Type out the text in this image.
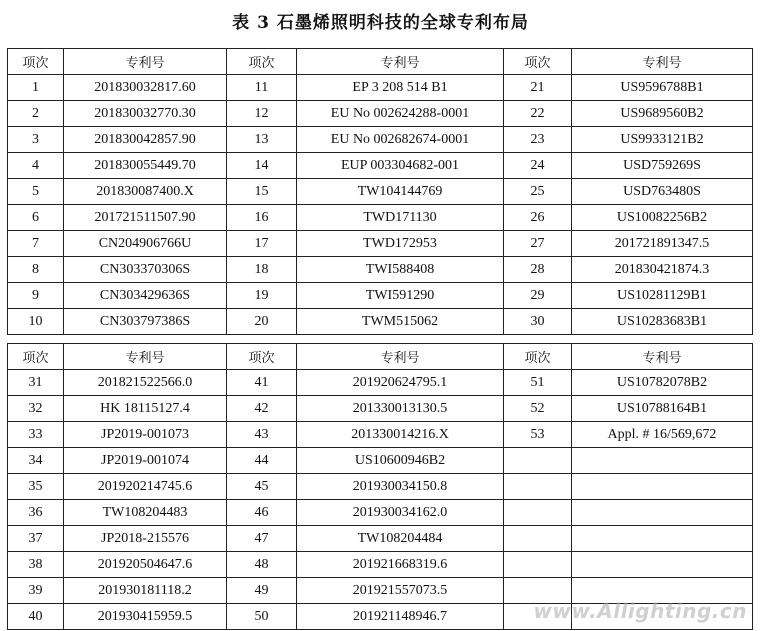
表 3 石墨烯照明科技的全球专利布局
项次	专利号	项次	专利号	项次	专利号
1	201830032817.60	11	EP 3 208 514 B1	21	US9596788B1
2	201830032770.30	12	EU No 002624288-0001	22	US9689560B2
3	201830042857.90	13	EU No 002682674-0001	23	US9933121B2
4	201830055449.70	14	EUP 003304682-001	24	USD759269S
5	201830087400.X	15	TW104144769	25	USD763480S
6	201721511507.90	16	TWD171130	26	US10082256B2
7	CN204906766U	17	TWD172953	27	201721891347.5
8	CN303370306S	18	TWI588408	28	201830421874.3
9	CN303429636S	19	TWI591290	29	US10281129B1
10	CN303797386S	20	TWM515062	30	US10283683B1

项次	专利号	项次	专利号	项次	专利号
31	201821522566.0	41	201920624795.1	51	US10782078B2
32	HK 18115127.4	42	201330013130.5	52	US10788164B1
33	JP2019-001073	43	201330014216.X	53	Appl. # 16/569,672
34	JP2019-001074	44	US10600946B2		
35	201920214745.6	45	201930034150.8		
36	TW108204483	46	201930034162.0		
37	JP2018-215576	47	TW108204484		
38	201920504647.6	48	201921668319.6		
39	201930181118.2	49	201921557073.5		
40	201930415959.5	50	201921148946.7			www.Allighting.cn
